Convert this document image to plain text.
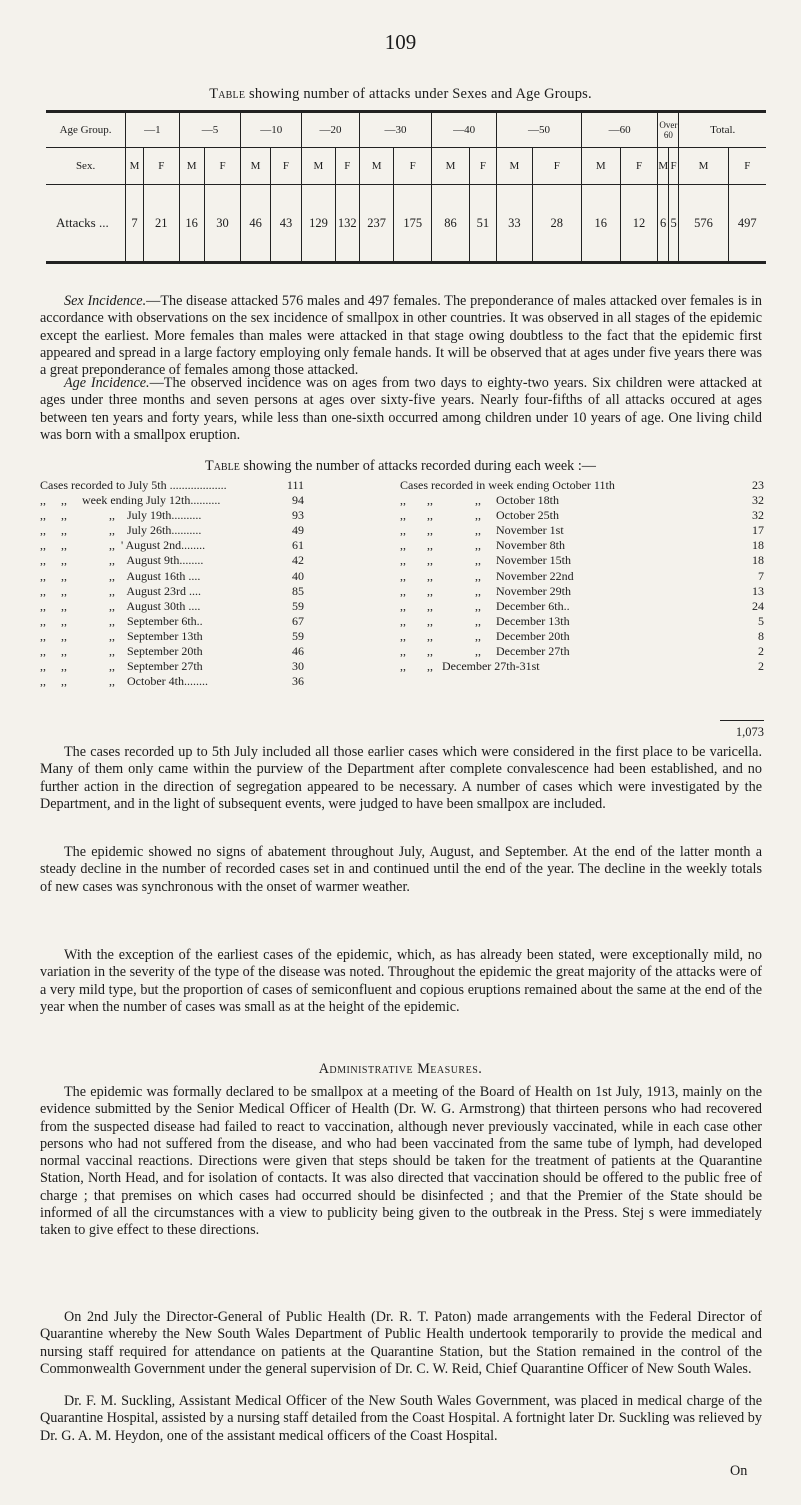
109
Table showing number of attacks under Sexes and Age Groups.
Age Group.	—1		—5		—10		—20		—30		—40		—50		—60		Over 60		Total.	
Sex.	M	F	M	F	M	F	M	F	M	F	M	F	M	F	M	F	M	F	M	F
Attacks ...	7	21	16	30	46	43	129	132	237	175	86	51	33	28	16	12	6	5	576	497

Sex Incidence.—The disease attacked 576 males and 497 females. The preponderance of males attacked over females is in accordance with observations on the sex incidence of smallpox in other countries. It was observed in all stages of the epidemic except the earliest. More females than males were attacked in that stage owing doubtless to the fact that the epidemic first appeared and spread in a large factory employing only female hands. It will be observed that at ages under five years there was a great preponderance of females among those attacked.

Age Incidence.—The observed incidence was on ages from two days to eighty-two years. Six children were attacked at ages under three months and seven persons at ages over sixty-five years. Nearly four-fifths of all attacks occured at ages between ten years and forty years, while less than one-sixth occurred among children under 10 years of age. One living child was born with a smallpox eruption.

Table showing the number of attacks recorded during each week :—
Cases recorded to July 5th ...................	111
,,     ,,     week ending July 12th..........	94
,,     ,,              ,,    July 19th..........	93
,,     ,,              ,,    July 26th..........	49
,,     ,,              ,,  ' August 2nd........	61
,,     ,,              ,,    August 9th........	42
,,     ,,              ,,    August 16th ....	40
,,     ,,              ,,    August 23rd ....	85
,,     ,,              ,,    August 30th ....	59
,,     ,,              ,,    September 6th..	67
,,     ,,              ,,    September 13th	59
,,     ,,              ,,    September 20th	46
,,     ,,              ,,    September 27th	30
,,     ,,              ,,    October 4th........	36
Cases recorded in week ending October 11th	23
,,       ,,              ,,     October 18th	32
,,       ,,              ,,     October 25th	32
,,       ,,              ,,     November 1st	17
,,       ,,              ,,     November 8th	18
,,       ,,              ,,     November 15th	18
,,       ,,              ,,     November 22nd	7
,,       ,,              ,,     November 29th	13
,,       ,,              ,,     December 6th..	24
,,       ,,              ,,     December 13th	5
,,       ,,              ,,     December 20th	8
,,       ,,              ,,     December 27th	2
,,       ,,   December 27th-31st	2
1,073

The cases recorded up to 5th July included all those earlier cases which were considered in the first place to be varicella. Many of them only came within the purview of the Department after complete convalescence had been established, and no further action in the direction of segregation appeared to be necessary. A number of cases which were investigated by the Department, and in the light of subsequent events, were judged to have been smallpox are included.

The epidemic showed no signs of abatement throughout July, August, and September. At the end of the latter month a steady decline in the number of recorded cases set in and continued until the end of the year. The decline in the weekly totals of new cases was synchronous with the onset of warmer weather.

With the exception of the earliest cases of the epidemic, which, as has already been stated, were exceptionally mild, no variation in the severity of the type of the disease was noted. Throughout the epidemic the great majority of the attacks were of a very mild type, but the proportion of cases of semiconfluent and copious eruptions remained about the same at the end of the year when the number of cases was small as at the height of the epidemic.

Administrative Measures.

The epidemic was formally declared to be smallpox at a meeting of the Board of Health on 1st July, 1913, mainly on the evidence submitted by the Senior Medical Officer of Health (Dr. W. G. Armstrong) that thirteen persons who had recovered from the suspected disease had failed to react to vaccination, although never previously vaccinated, while in each case other persons who had not suffered from the disease, and who had been vaccinated from the same tube of lymph, had developed normal vaccinal reactions. Directions were given that steps should be taken for the treatment of patients at the Quarantine Station, North Head, and for isolation of contacts. It was also directed that vaccination should be offered to the public free of charge ; that premises on which cases had occurred should be disinfected ; and that the Premier of the State should be informed of all the circumstances with a view to publicity being given to the outbreak in the Press. Stej s were immediately taken to give effect to these directions.

On 2nd July the Director-General of Public Health (Dr. R. T. Paton) made arrangements with the Federal Director of Quarantine whereby the New South Wales Department of Public Health undertook temporarily to provide the medical and nursing staff required for attendance on patients at the Quarantine Station, but the Station remained in the control of the Commonwealth Government under the general supervision of Dr. C. W. Reid, Chief Quarantine Officer of New South Wales.

Dr. F. M. Suckling, Assistant Medical Officer of the New South Wales Government, was placed in medical charge of the Quarantine Hospital, assisted by a nursing staff detailed from the Coast Hospital. A fortnight later Dr. Suckling was relieved by Dr. G. A. M. Heydon, one of the assistant medical officers of the Coast Hospital.

On
